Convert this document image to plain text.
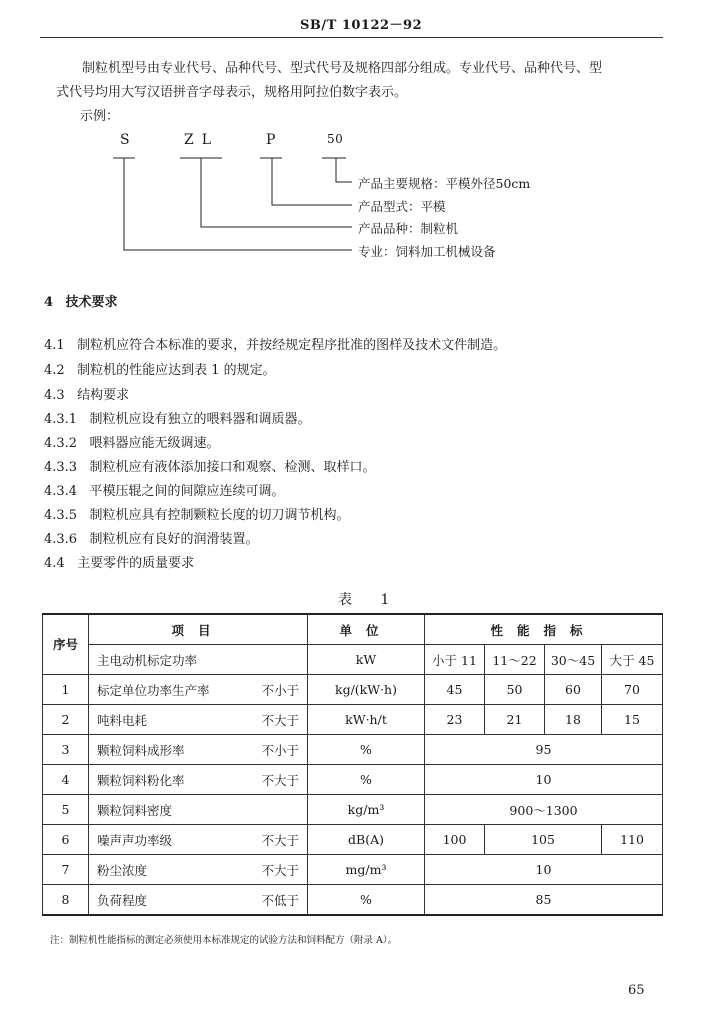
SB/T 10122－92
制粒机型号由专业代号、品种代号、型式代号及规格四部分组成。专业代号、品种代号、型
式代号均用大写汉语拼音字母表示，规格用阿拉伯数字表示。
示例：
S	ZL	P	50
产品主要规格：平模外径50cm
产品型式：平模
产品品种：制粒机
专业：饲料加工机械设备
4 技术要求
4.1 制粒机应符合本标准的要求，并按经规定程序批准的图样及技术文件制造。
4.2 制粒机的性能应达到表 1 的规定。
4.3 结构要求
4.3.1 制粒机应设有独立的喂料器和调质器。
4.3.2 喂料器应能无级调速。
4.3.3 制粒机应有液体添加接口和观察、检测、取样口。
4.3.4 平模压辊之间的间隙应连续可调。
4.3.5 制粒机应具有控制颗粒长度的切刀调节机构。
4.3.6 制粒机应有良好的润滑装置。
4.4 主要零件的质量要求
表 1
序号	项目	单位	性能指标			
	主电动机标定功率	kW	小于 11	11～22	30～45	大于 45
1	标定单位功率生产率 不小于	kg/(kW·h)	45	50	60	70
2	吨料电耗 不大于	kW·h/t	23	21	18	15
3	颗粒饲料成形率 不小于	%	95			
4	颗粒饲料粉化率 不大于	%	10			
5	颗粒饲料密度	kg/m³	900～1300			
6	噪声声功率级 不大于	dB(A)	100	105		110
7	粉尘浓度 不大于	mg/m³	10			
8	负荷程度 不低于	%	85			
注：制粒机性能指标的测定必须使用本标准规定的试验方法和饲料配方（附录 A）。
65
